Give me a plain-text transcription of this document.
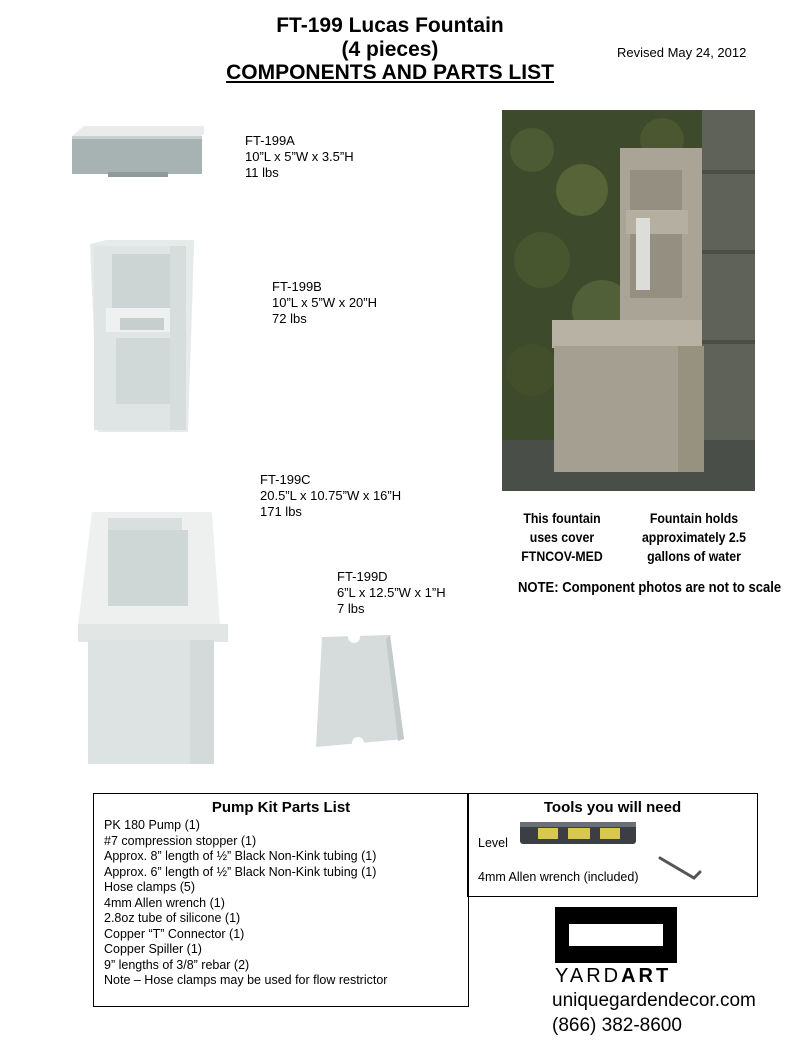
FT-199 Lucas Fountain
(4 pieces)
COMPONENTS AND PARTS LIST
Revised May 24, 2012
FT-199A
10”L x 5”W x 3.5”H
11 lbs
FT-199B
10”L x 5”W x 20”H
72 lbs
FT-199C
20.5”L x 10.75”W x 16”H
171 lbs
FT-199D
6”L x 12.5”W x 1”H
7 lbs
This fountain
uses cover
FTNCOV-MED
Fountain holds
approximately 2.5
gallons of water
NOTE: Component photos are not to scale
Pump Kit Parts List
PK 180 Pump (1)
#7 compression stopper (1)
Approx. 8” length of ½” Black Non-Kink tubing (1)
Approx. 6” length of ½” Black Non-Kink tubing (1)
Hose clamps (5)
4mm Allen wrench (1)
2.8oz tube of silicone (1)
Copper “T” Connector (1)
Copper Spiller (1)
9” lengths of 3/8” rebar (2)
Note – Hose clamps may be used for flow restrictor
Tools you will need
Level
4mm Allen wrench (included)
YARDART
uniquegardendecor.com
(866) 382-8600
